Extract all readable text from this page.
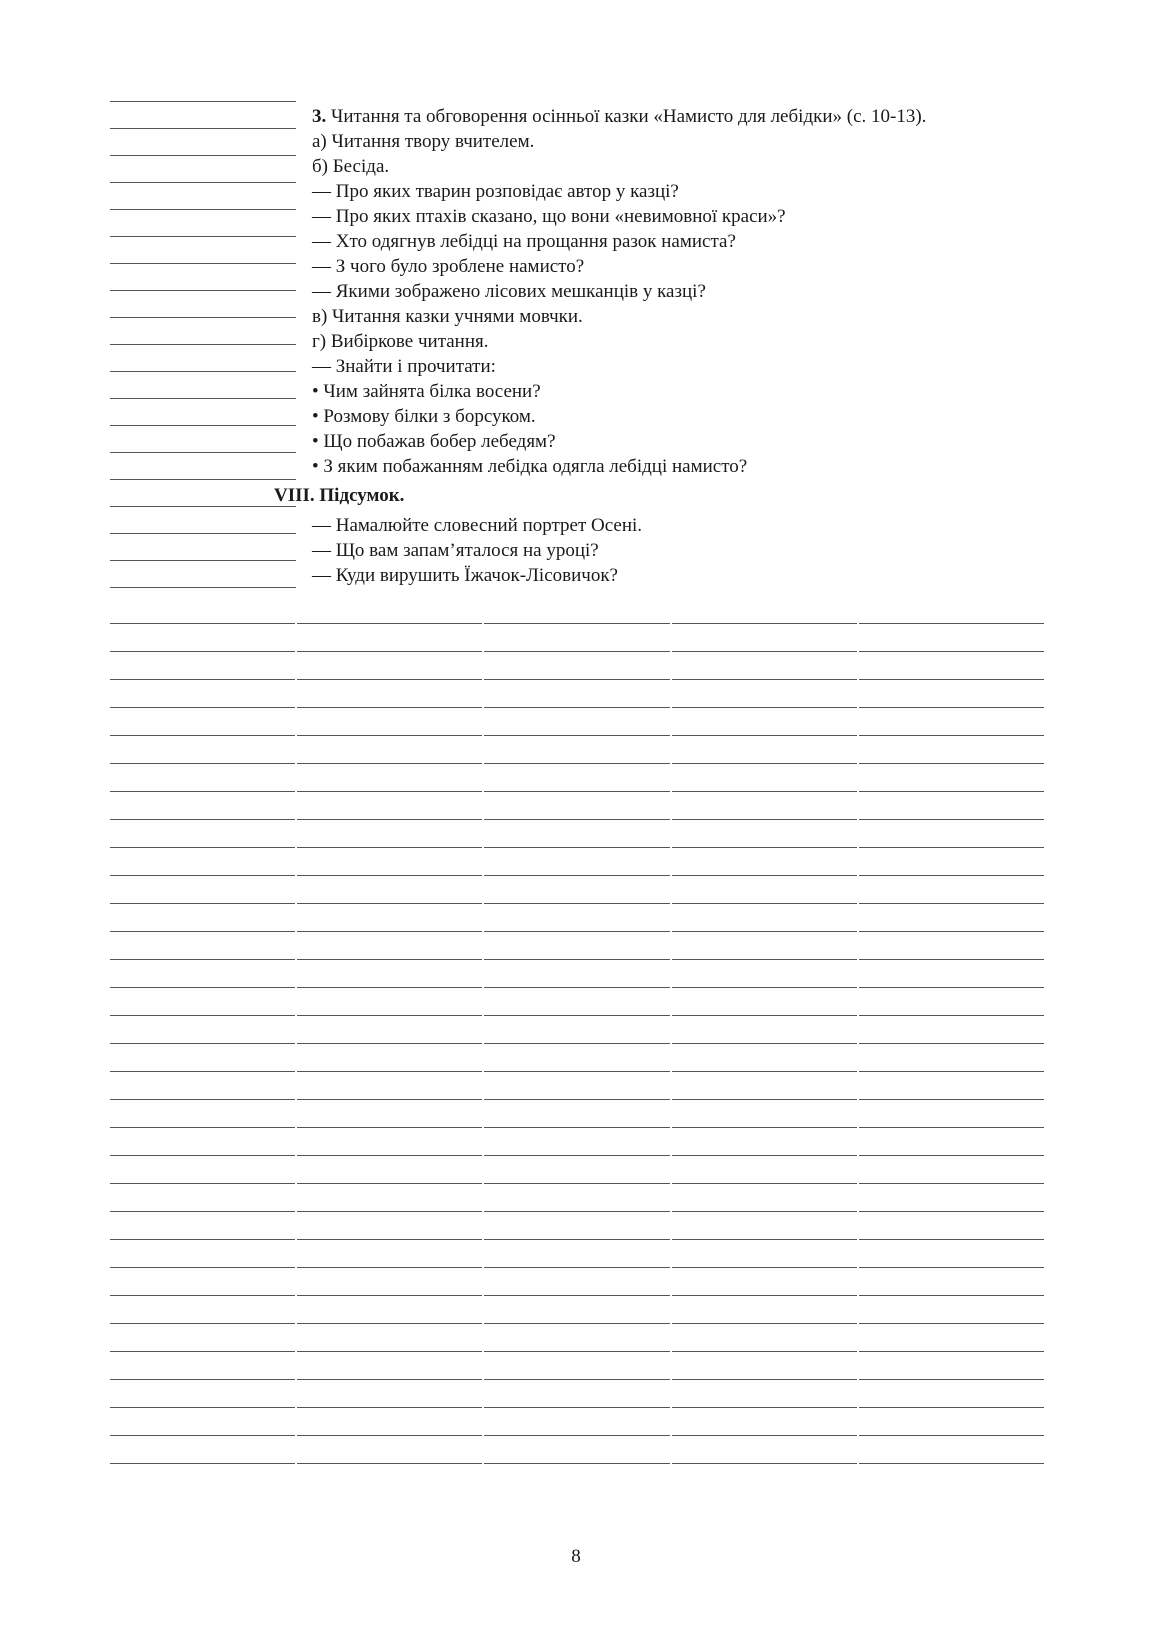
3. Читання та обговорення осінньої казки «Намисто для лебідки» (с. 10-13).
а) Читання твору вчителем.
б) Бесіда.
— Про яких тварин розповідає автор у казці?
— Про яких птахів сказано, що вони «невимовної краси»?
— Хто одягнув лебідці на прощання разок намиста?
— З чого було зроблене намисто?
— Якими зображено лісових мешканців у казці?
в) Читання казки учнями мовчки.
г) Вибіркове читання.
— Знайти і прочитати:
• Чим зайнята білка восени?
• Розмову білки з борсуком.
• Що побажав бобер лебедям?
• З яким побажанням лебідка одягла лебідці намисто?
VIII. Підсумок.
— Намалюйте словесний портрет Осені.
— Що вам запам’яталося на уроці?
— Куди вирушить Їжачок-Лісовичок?
8
